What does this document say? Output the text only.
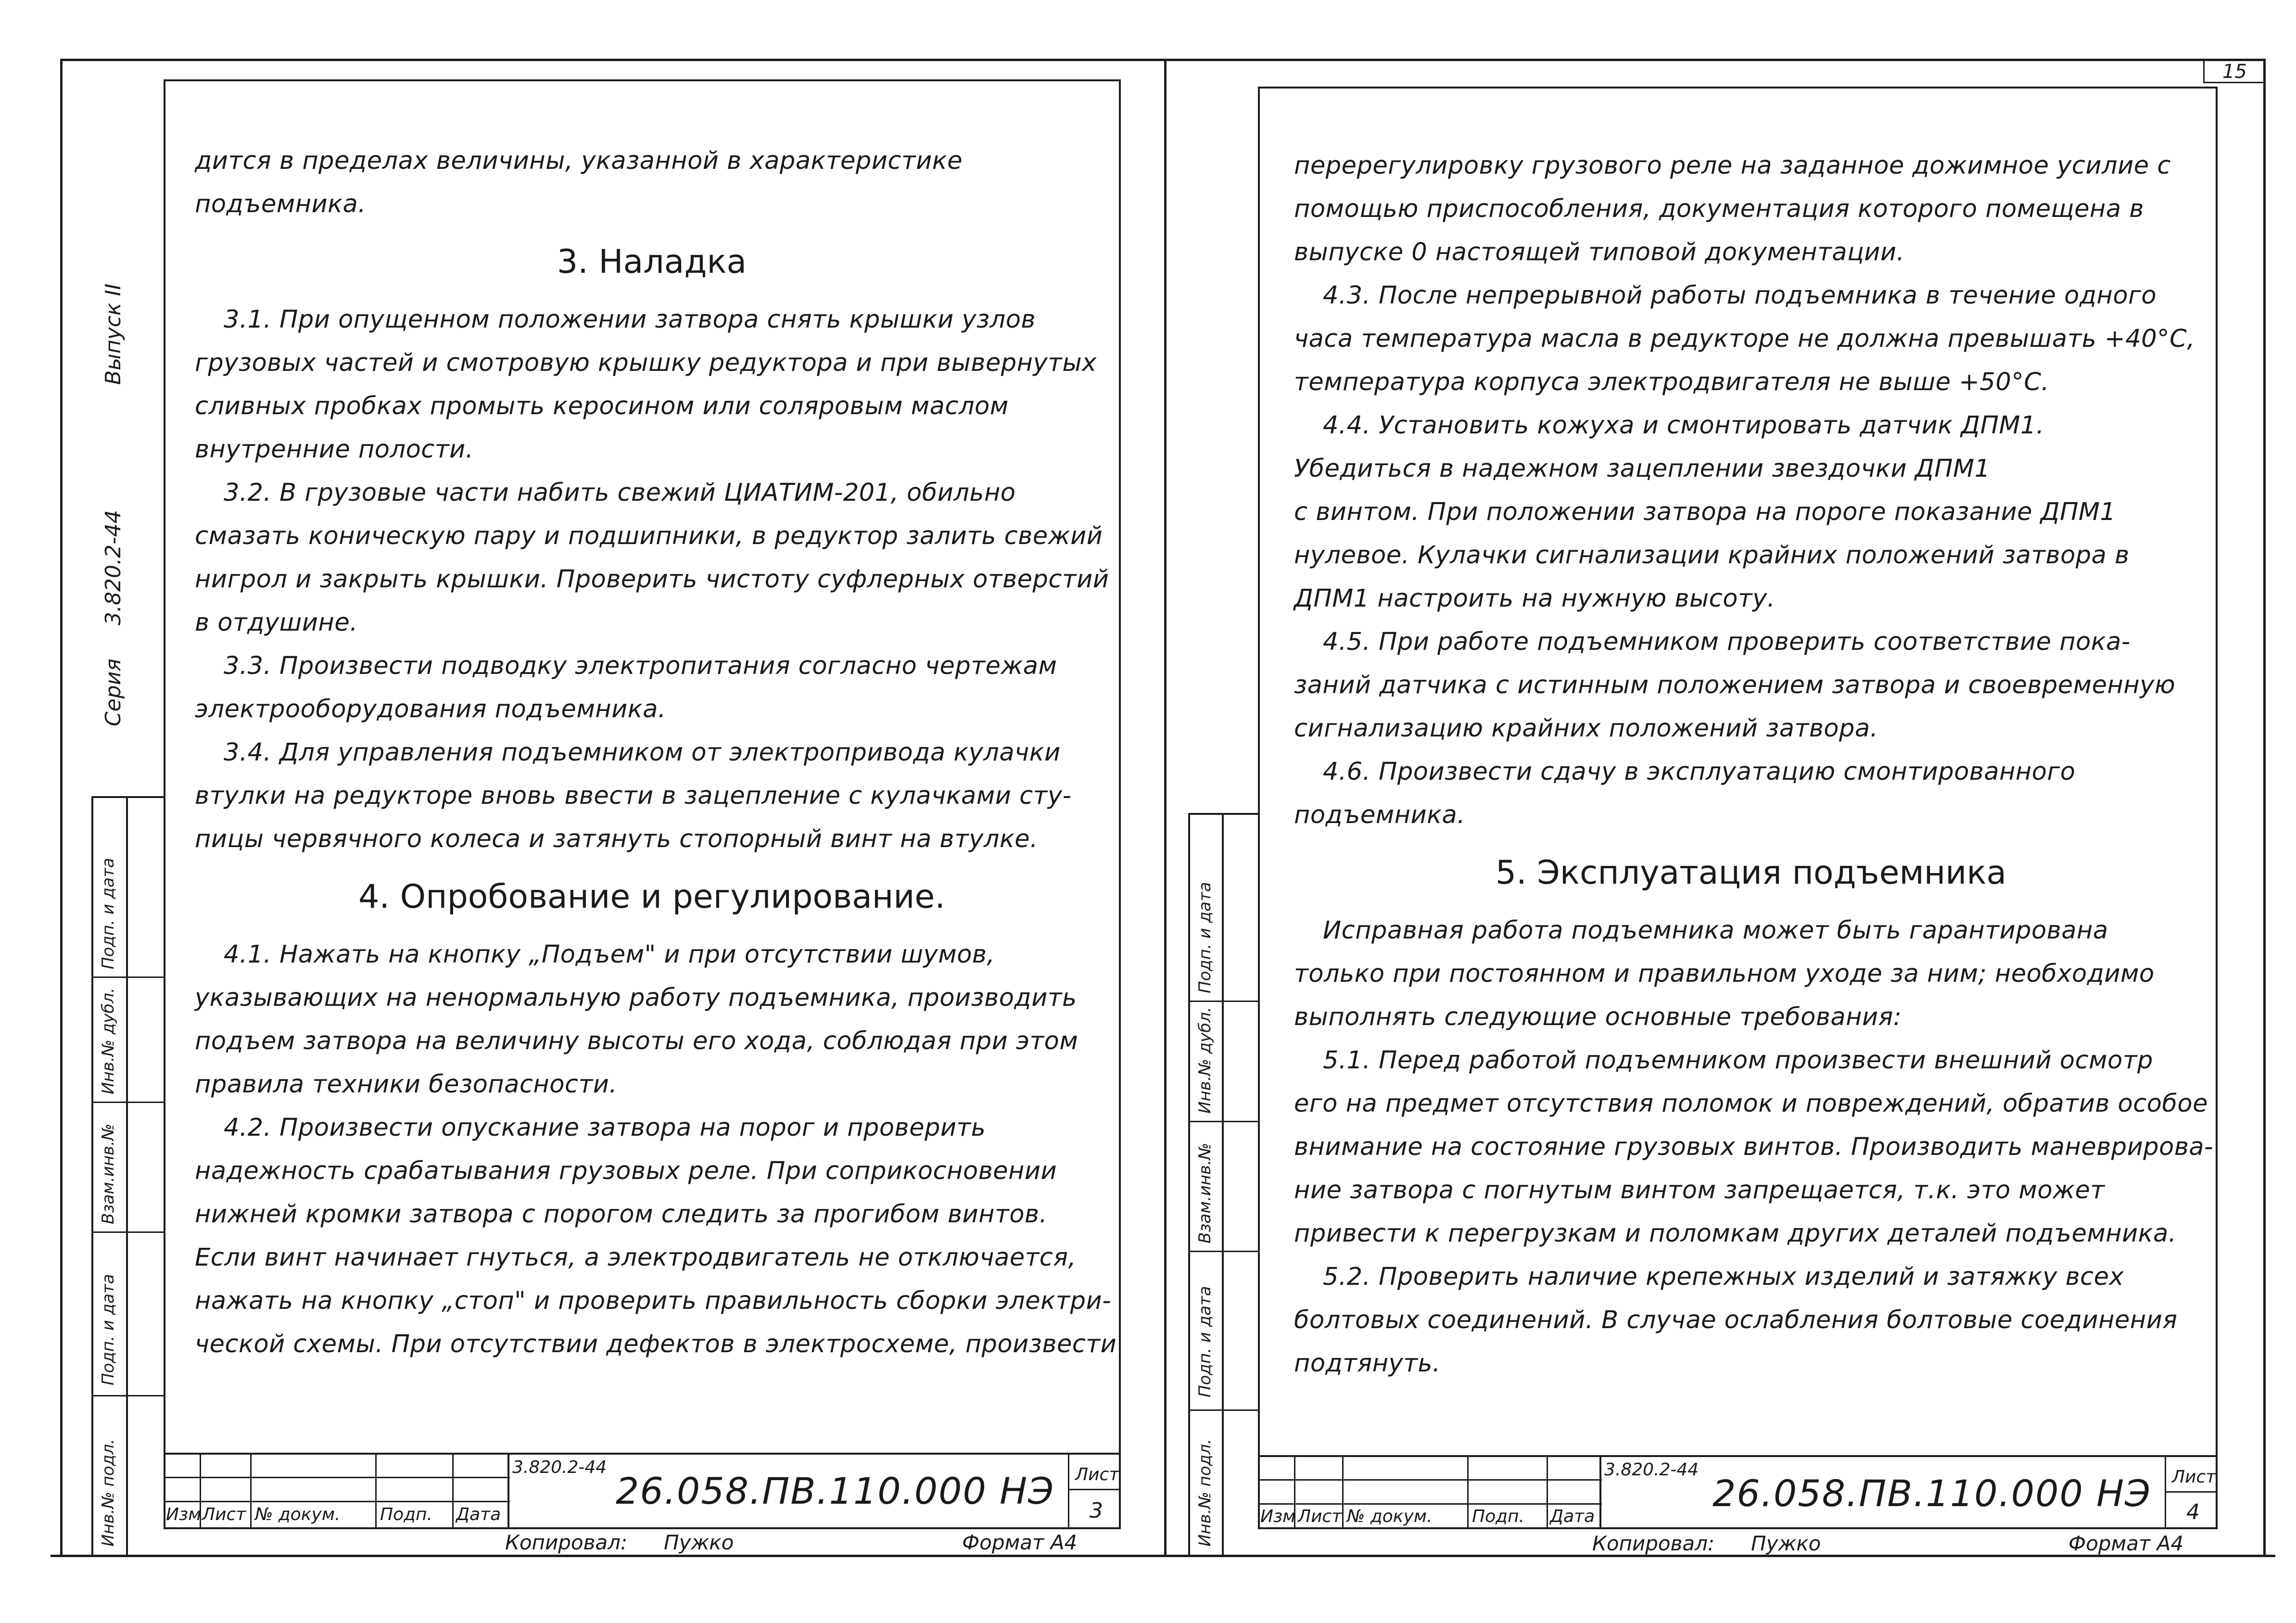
Серия
3.820.2-44
Выпуск II
Инв.№ подл.
Подп. и дата
Взам.инв.№
Инв.№ дубл.
Подп. и дата

дится в пределах величины, указанной в характеристике

подъемника.

3. Наладка

3.1. При опущенном положении затвора снять крышки узлов

грузовых частей и смотровую крышку редуктора и при вывернутых

сливных пробках промыть керосином или соляровым маслом

внутренние полости.

3.2. В грузовые части набить свежий ЦИАТИМ-201, обильно

смазать коническую пару и подшипники, в редуктор залить свежий

нигрол и закрыть крышки. Проверить чистоту суфлерных отверстий

в отдушине.

3.3. Произвести подводку электропитания согласно чертежам

электрооборудования подъемника.

3.4. Для управления подъемником от электропривода кулачки

втулки на редукторе вновь ввести в зацепление с кулачками сту-

пицы червячного колеса и затянуть стопорный винт на втулке.

4. Опробование и регулирование.

4.1. Нажать на кнопку „Подъем" и при отсутствии шумов,

указывающих на ненормальную работу подъемника, производить

подъем затвора на величину высоты его хода, соблюдая при этом

правила техники безопасности.

4.2. Произвести опускание затвора на порог и проверить

надежность срабатывания грузовых реле. При соприкосновении

нижней кромки затвора с порогом следить за прогибом винтов.

Если винт начинает гнуться, а электродвигатель не отключается,

нажать на кнопку „стоп" и проверить правильность сборки электри-

ческой схемы. При отсутствии дефектов в электросхеме, произвести

Изм Лист № докум. Подп. Дата
3.820.2-44
26.058.ПВ.110.000 НЭ Лист
3
Копировал: Пужко	Формат А4
15
Инв.№ подл.
Подп. и дата
Взам.инв.№
Инв.№ дубл.
Подп. и дата

перерегулировку грузового реле на заданное дожимное усилие с

помощью приспособления, документация которого помещена в

выпуске 0 настоящей типовой документации.

4.3. После непрерывной работы подъемника в течение одного

часа температура масла в редукторе не должна превышать +40°С,

температура корпуса электродвигателя не выше +50°С.

4.4. Установить кожуха и смонтировать датчик ДПМ1.

Убедиться в надежном зацеплении звездочки ДПМ1

с винтом. При положении затвора на пороге показание ДПМ1

нулевое. Кулачки сигнализации крайних положений затвора в

ДПМ1 настроить на нужную высоту.

4.5. При работе подъемником проверить соответствие пока-

заний датчика с истинным положением затвора и своевременную

сигнализацию крайних положений затвора.

4.6. Произвести сдачу в эксплуатацию смонтированного

подъемника.

5. Эксплуатация подъемника

Исправная работа подъемника может быть гарантирована

только при постоянном и правильном уходе за ним; необходимо

выполнять следующие основные требования:

5.1. Перед работой подъемником произвести внешний осмотр

его на предмет отсутствия поломок и повреждений, обратив особое

внимание на состояние грузовых винтов. Производить маневрирова-

ние затвора с погнутым винтом запрещается, т.к. это может

привести к перегрузкам и поломкам других деталей подъемника.

5.2. Проверить наличие крепежных изделий и затяжку всех

болтовых соединений. В случае ослабления болтовые соединения

подтянуть.

Изм Лист № докум. Подп. Дата
3.820.2-44
26.058.ПВ.110.000 НЭ Лист
4
Копировал: Пужко	Формат А4
